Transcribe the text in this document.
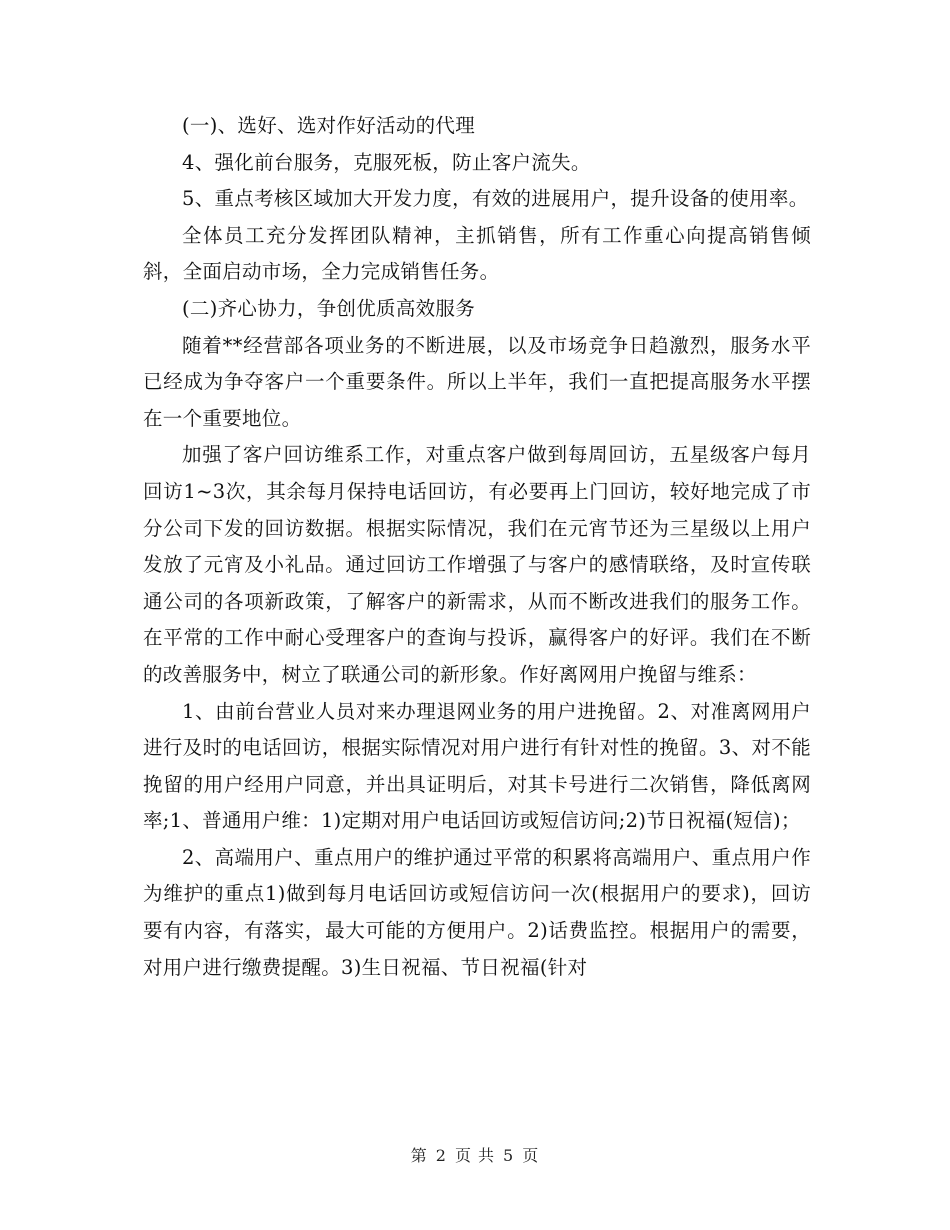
(一)、选好、选对作好活动的代理

4、强化前台服务，克服死板，防止客户流失。

5、重点考核区域加大开发力度，有效的进展用户，提升设备的使用率。

全体员工充分发挥团队精神，主抓销售，所有工作重心向提高销售倾斜，全面启动市场，全力完成销售任务。

(二)齐心协力，争创优质高效服务

随着**经营部各项业务的不断进展，以及市场竞争日趋激烈，服务水平已经成为争夺客户一个重要条件。所以上半年，我们一直把提高服务水平摆在一个重要地位。

加强了客户回访维系工作，对重点客户做到每周回访，五星级客户每月回访1~3次，其余每月保持电话回访，有必要再上门回访，较好地完成了市分公司下发的回访数据。根据实际情况，我们在元宵节还为三星级以上用户发放了元宵及小礼品。通过回访工作增强了与客户的感情联络，及时宣传联通公司的各项新政策，了解客户的新需求，从而不断改进我们的服务工作。在平常的工作中耐心受理客户的查询与投诉，赢得客户的好评。我们在不断的改善服务中，树立了联通公司的新形象。作好离网用户挽留与维系：

1、由前台营业人员对来办理退网业务的用户进挽留。2、对准离网用户进行及时的电话回访，根据实际情况对用户进行有针对性的挽留。3、对不能挽留的用户经用户同意，并出具证明后，对其卡号进行二次销售，降低离网率;1、普通用户维：1)定期对用户电话回访或短信访问;2)节日祝福(短信)；

2、高端用户、重点用户的维护通过平常的积累将高端用户、重点用户作为维护的重点1)做到每月电话回访或短信访问一次(根据用户的要求)，回访要有内容，有落实，最大可能的方便用户。2)话费监控。根据用户的需要，对用户进行缴费提醒。3)生日祝福、节日祝福(针对

第 2 页 共 5 页
